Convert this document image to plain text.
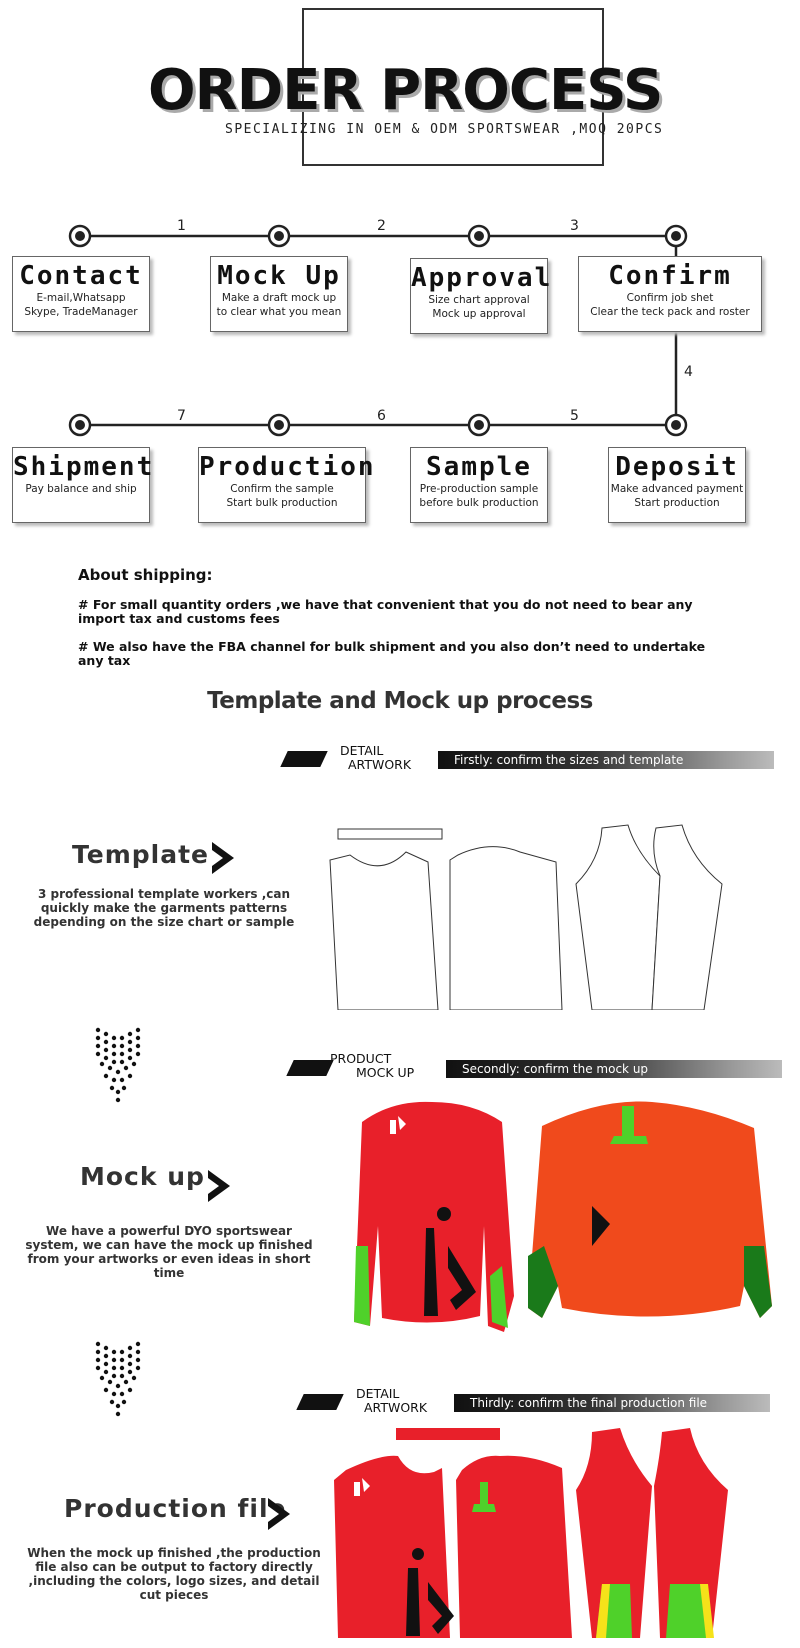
ORDER PROCESS
SPECIALIZING IN OEM & ODM SPORTSWEAR ,MOQ 20PCS
1	2	3
4
5
6
7
Contact
E-mail,Whatsapp
Skype, TradeManager
Mock Up
Make a draft mock up
to clear what you mean
Approval
Size chart approval
Mock up approval
Confirm
Confirm job shet
Clear the teck pack and roster
Shipment
Pay balance and ship
Production
Confirm the sample
Start bulk production
Sample
Pre-production sample
before bulk production
Deposit
Make advanced payment
Start production
About shipping:
# For small quantity orders ,we have that convenient that you do not need to bear any import tax and customs fees
# We also have the FBA channel for bulk shipment and you also don’t need to undertake any tax
Template and Mock up process
DETAIL
ARTWORK	Firstly: confirm the sizes and template
Template
3 professional template workers ,can quickly make the garments patterns depending on the size chart or sample
PRODUCT
MOCK UP	Secondly: confirm the mock up
Mock up
We have a powerful DYO sportswear system, we can have the mock up finished from your artworks or even ideas in short time
DETAIL
ARTWORK	Thirdly: confirm the final production file
Production file
When the mock up finished ,the production file also can be output to factory directly ,including the colors, logo sizes, and detail cut pieces
